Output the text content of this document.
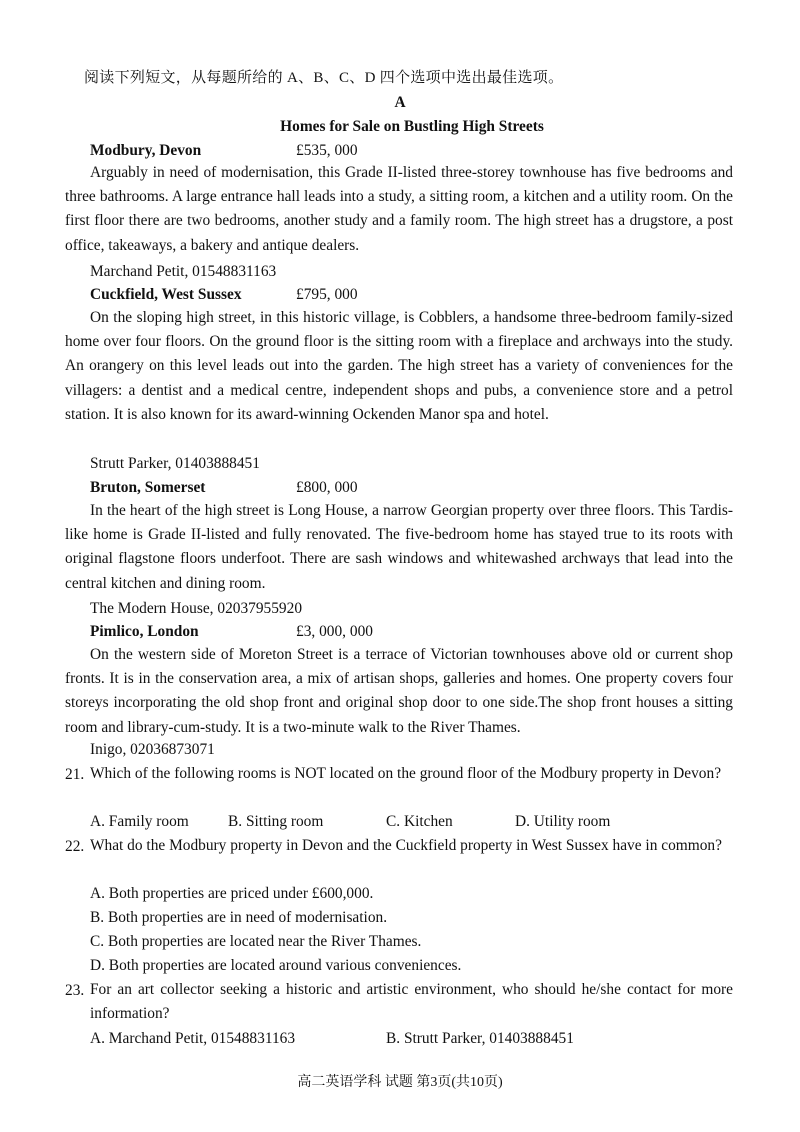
阅读下列短文，从每题所给的 A、B、C、D 四个选项中选出最佳选项。
A
Homes for Sale on Bustling High Streets
Modbury, Devon	£535, 000
Arguably in need of modernisation, this Grade II-listed three-storey townhouse has five bedrooms and three bathrooms. A large entrance hall leads into a study, a sitting room, a kitchen and a utility room. On the first floor there are two bedrooms, another study and a family room. The high street has a drugstore, a post office, takeaways, a bakery and antique dealers.
Marchand Petit, 01548831163
Cuckfield, West Sussex	£795, 000
On the sloping high street, in this historic village, is Cobblers, a handsome three-bedroom family-sized home over four floors. On the ground floor is the sitting room with a fireplace and archways into the study. An orangery on this level leads out into the garden. The high street has a variety of conveniences for the villagers: a dentist and a medical centre, independent shops and pubs, a convenience store and a petrol station. It is also known for its award-winning Ockenden Manor spa and hotel.
Strutt Parker, 01403888451
Bruton, Somerset	£800, 000
In the heart of the high street is Long House, a narrow Georgian property over three floors. This Tardis-like home is Grade II-listed and fully renovated. The five-bedroom home has stayed true to its roots with original flagstone floors underfoot. There are sash windows and whitewashed archways that lead into the central kitchen and dining room.
The Modern House, 02037955920
Pimlico, London	£3, 000, 000
On the western side of Moreton Street is a terrace of Victorian townhouses above old or current shop fronts. It is in the conservation area, a mix of artisan shops, galleries and homes. One property covers four storeys incorporating the old shop front and original shop door to one side.The shop front houses a sitting room and library-cum-study. It is a two-minute walk to the River Thames.
Inigo, 02036873071
21. Which of the following rooms is NOT located on the ground floor of the Modbury property in Devon?
A. Family room	B. Sitting room	C. Kitchen	D. Utility room
22. What do the Modbury property in Devon and the Cuckfield property in West Sussex have in common?
A. Both properties are priced under £600,000.
B. Both properties are in need of modernisation.
C. Both properties are located near the River Thames.
D. Both properties are located around various conveniences.
23. For an art collector seeking a historic and artistic environment, who should he/she contact for more information?
A. Marchand Petit, 01548831163	B. Strutt Parker, 01403888451
高二英语学科 试题 第3页(共10页)
